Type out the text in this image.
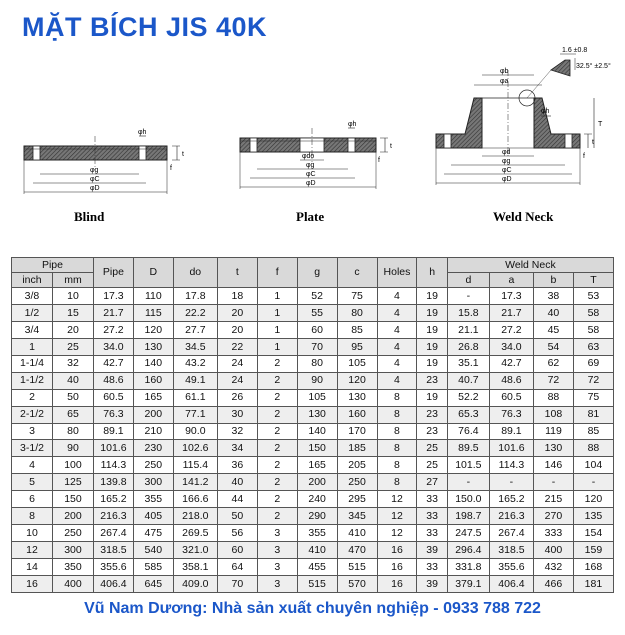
MẶT BÍCH JIS 40K
φh
t
f
φg
φC
φD
Blind
φh
t
f
φdo
φg
φC
φD
Plate
φb
φa
φh
T
t
f
φd
φg
φC
φD
1.6 ±0.8
32.5° ±2.5°
Weld Neck
Pipe		Pipe	D	do	t	f	g	c	Holes	h	Weld Neck			
inch	mm										d	a	b	T
3/8	10	17.3	110	17.8	18	1	52	75	4	19	-	17.3	38	53
1/2	15	21.7	115	22.2	20	1	55	80	4	19	15.8	21.7	40	58
3/4	20	27.2	120	27.7	20	1	60	85	4	19	21.1	27.2	45	58
1	25	34.0	130	34.5	22	1	70	95	4	19	26.8	34.0	54	63
1-1/4	32	42.7	140	43.2	24	2	80	105	4	19	35.1	42.7	62	69
1-1/2	40	48.6	160	49.1	24	2	90	120	4	23	40.7	48.6	72	72
2	50	60.5	165	61.1	26	2	105	130	8	19	52.2	60.5	88	75
2-1/2	65	76.3	200	77.1	30	2	130	160	8	23	65.3	76.3	108	81
3	80	89.1	210	90.0	32	2	140	170	8	23	76.4	89.1	119	85
3-1/2	90	101.6	230	102.6	34	2	150	185	8	25	89.5	101.6	130	88
4	100	114.3	250	115.4	36	2	165	205	8	25	101.5	114.3	146	104
5	125	139.8	300	141.2	40	2	200	250	8	27	-	-	-	-
6	150	165.2	355	166.6	44	2	240	295	12	33	150.0	165.2	215	120
8	200	216.3	405	218.0	50	2	290	345	12	33	198.7	216.3	270	135
10	250	267.4	475	269.5	56	3	355	410	12	33	247.5	267.4	333	154
12	300	318.5	540	321.0	60	3	410	470	16	39	296.4	318.5	400	159
14	350	355.6	585	358.1	64	3	455	515	16	33	331.8	355.6	432	168
16	400	406.4	645	409.0	70	3	515	570	16	39	379.1	406.4	466	181
Vũ Nam Dương: Nhà sản xuất chuyên nghiệp - 0933 788 722
